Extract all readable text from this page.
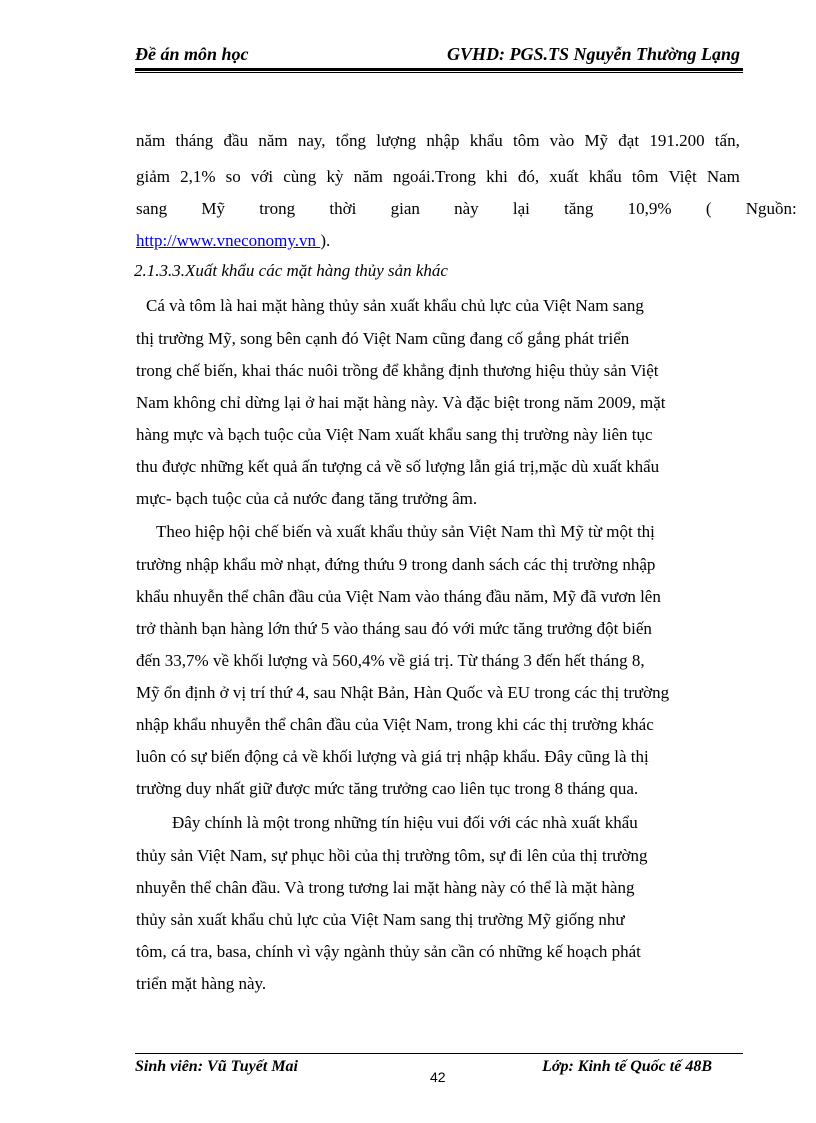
Đề án môn học	GVHD: PGS.TS Nguyễn Thường Lạng
năm tháng đầu năm nay, tổng lượng nhập khẩu tôm vào Mỹ đạt 191.200 tấn,
giảm 2,1% so với cùng kỳ năm ngoái.Trong khi đó, xuất khẩu tôm Việt Nam
sang Mỹ trong thời gian này lại tăng 10,9% ( Nguồn:
http://www.vneconomy.vn ).
2.1.3.3.Xuất khẩu các mặt hàng thủy sản khác
Cá và tôm là hai mặt hàng thủy sản xuất khẩu chủ lực của Việt Nam sang
thị trường Mỹ, song bên cạnh đó Việt Nam cũng đang cố gắng phát triển
trong chế biến, khai thác nuôi trồng để khẳng định thương hiệu thủy sản Việt
Nam không chỉ dừng lại ở hai mặt hàng này. Và đặc biệt trong năm 2009, mặt
hàng mực và bạch tuộc của Việt Nam xuất khẩu sang thị trường này liên tục
thu được những kết quả ấn tượng cả về số lượng lẫn giá trị,mặc dù xuất khẩu
mực- bạch tuộc của cả nước đang tăng trưởng âm.
Theo hiệp hội chế biến và xuất khẩu thủy sản Việt Nam thì Mỹ từ một thị
trường nhập khẩu mờ nhạt, đứng thứu 9 trong danh sách các thị trường nhập
khẩu nhuyễn thể chân đầu của Việt Nam vào tháng đầu năm, Mỹ đã vươn lên
trở thành bạn hàng lớn thứ 5 vào tháng sau đó với mức tăng trưởng đột biến
đến 33,7% về khối lượng và 560,4% về giá trị. Từ tháng 3 đến hết tháng 8,
Mỹ ổn định ở vị trí thứ 4, sau Nhật Bản, Hàn Quốc và EU trong các thị trường
nhập khẩu nhuyễn thể chân đầu của Việt Nam, trong khi các thị trường khác
luôn có sự biến động cả về khối lượng và giá trị nhập khẩu. Đây cũng là thị
trường duy nhất giữ được mức tăng trưởng cao liên tục trong 8 tháng qua.
Đây chính là một trong những tín hiệu vui đối với các nhà xuất khẩu
thủy sản Việt Nam, sự phục hồi của thị trường tôm, sự đi lên của thị trường
nhuyễn thể chân đầu. Và trong tương lai mặt hàng này có thể là mặt hàng
thủy sản xuất khẩu chủ lực của Việt Nam sang thị trường Mỹ giống như
tôm, cá tra, basa, chính vì vậy ngành thủy sản cần có những kế hoạch phát
triển mặt hàng này.
Sinh viên: Vũ Tuyết Mai	Lớp: Kinh tế Quốc tế 48B
42
